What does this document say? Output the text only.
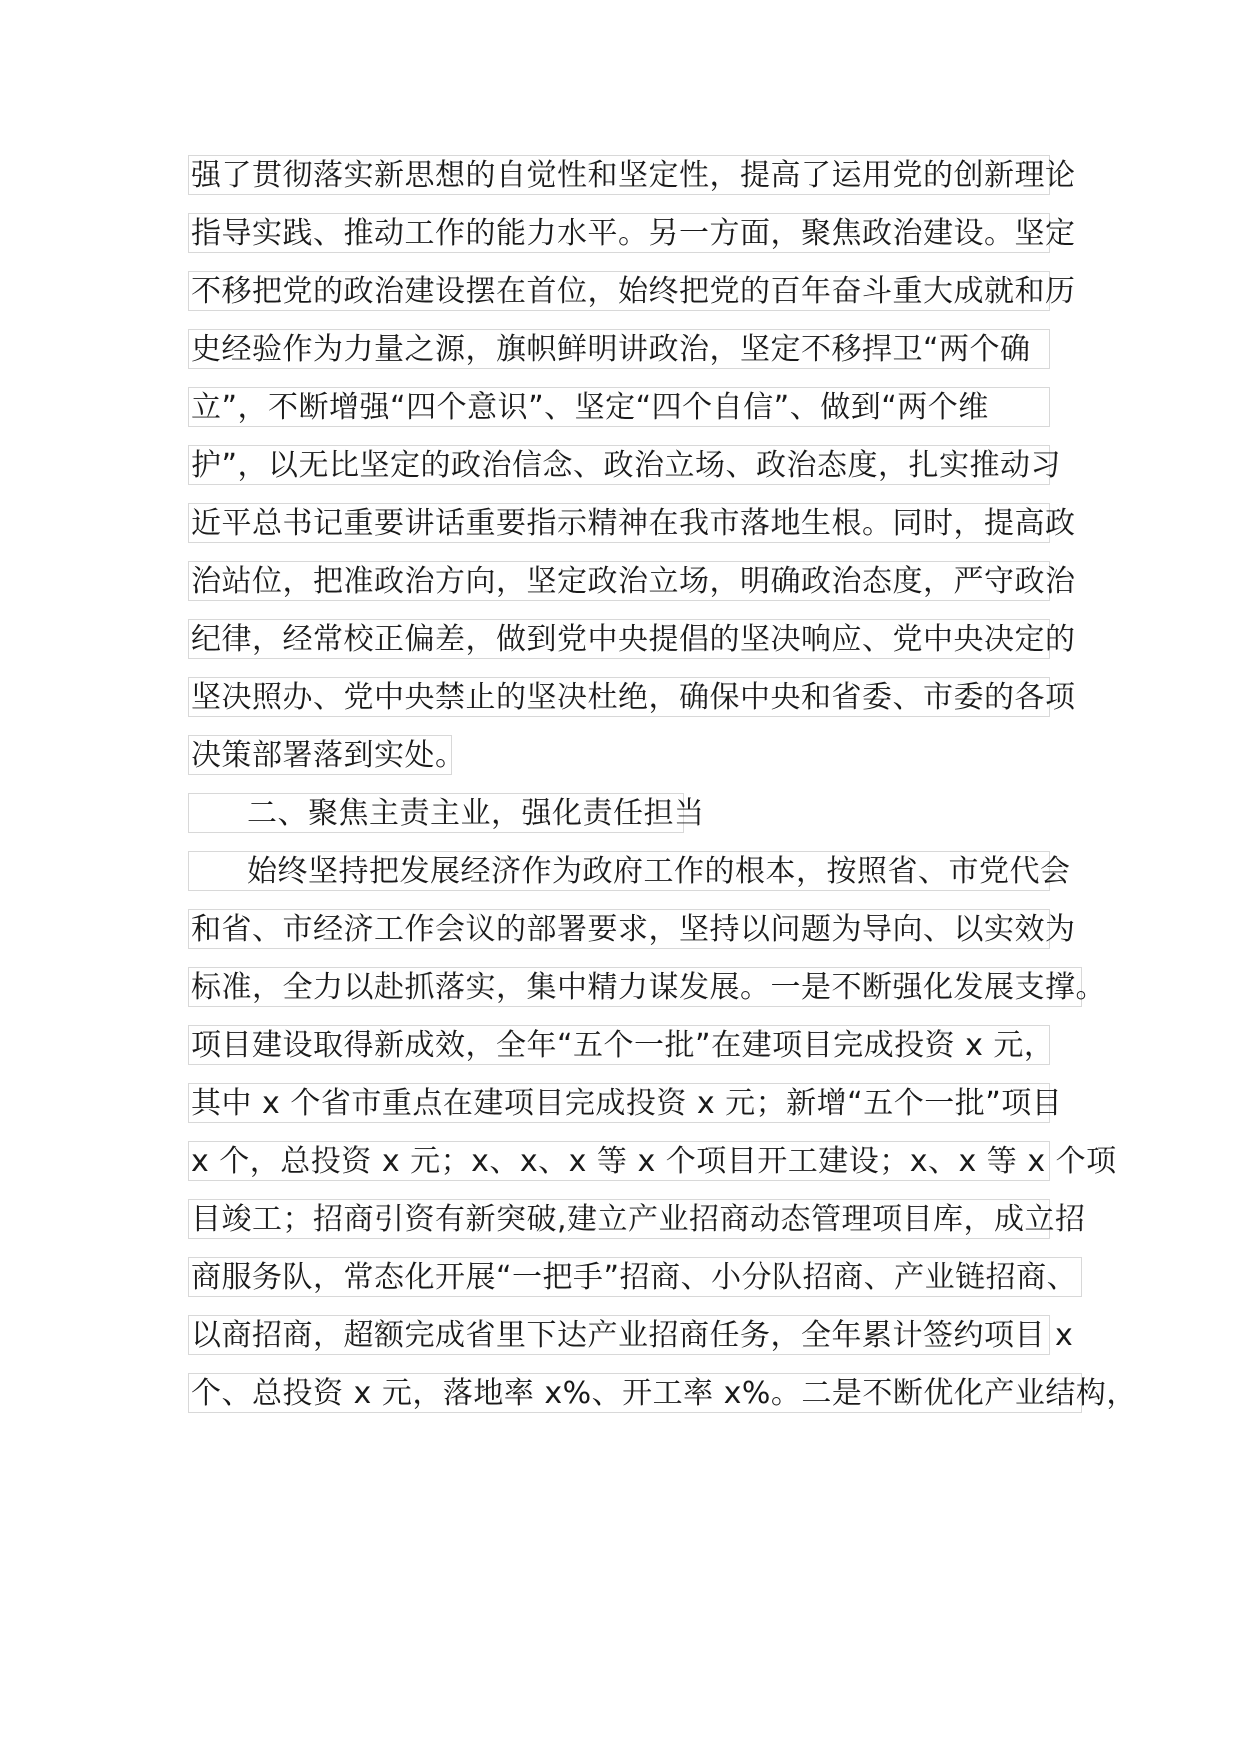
强了贯彻落实新思想的自觉性和坚定性，提高了运用党的创新理论
指导实践、推动工作的能力水平。另一方面，聚焦政治建设。坚定
不移把党的政治建设摆在首位，始终把党的百年奋斗重大成就和历
史经验作为力量之源，旗帜鲜明讲政治，坚定不移捍卫“两个确
立”，不断增强“四个意识”、坚定“四个自信”、做到“两个维
护”，以无比坚定的政治信念、政治立场、政治态度，扎实推动习
近平总书记重要讲话重要指示精神在我市落地生根。同时，提高政
治站位，把准政治方向，坚定政治立场，明确政治态度，严守政治
纪律，经常校正偏差，做到党中央提倡的坚决响应、党中央决定的
坚决照办、党中央禁止的坚决杜绝，确保中央和省委、市委的各项
决策部署落到实处。
二、聚焦主责主业，强化责任担当
始终坚持把发展经济作为政府工作的根本，按照省、市党代会
和省、市经济工作会议的部署要求，坚持以问题为导向、以实效为
标准，全力以赴抓落实，集中精力谋发展。一是不断强化发展支撑。
项目建设取得新成效，全年“五个一批”在建项目完成投资 x 元，
其中 x 个省市重点在建项目完成投资 x 元；新增“五个一批”项目
x 个，总投资 x 元；x、x、x 等 x 个项目开工建设；x、x 等 x 个项
目竣工；招商引资有新突破,建立产业招商动态管理项目库，成立招
商服务队，常态化开展“一把手”招商、小分队招商、产业链招商、
以商招商，超额完成省里下达产业招商任务，全年累计签约项目 x
个、总投资 x 元，落地率 x%、开工率 x%。二是不断优化产业结构，
